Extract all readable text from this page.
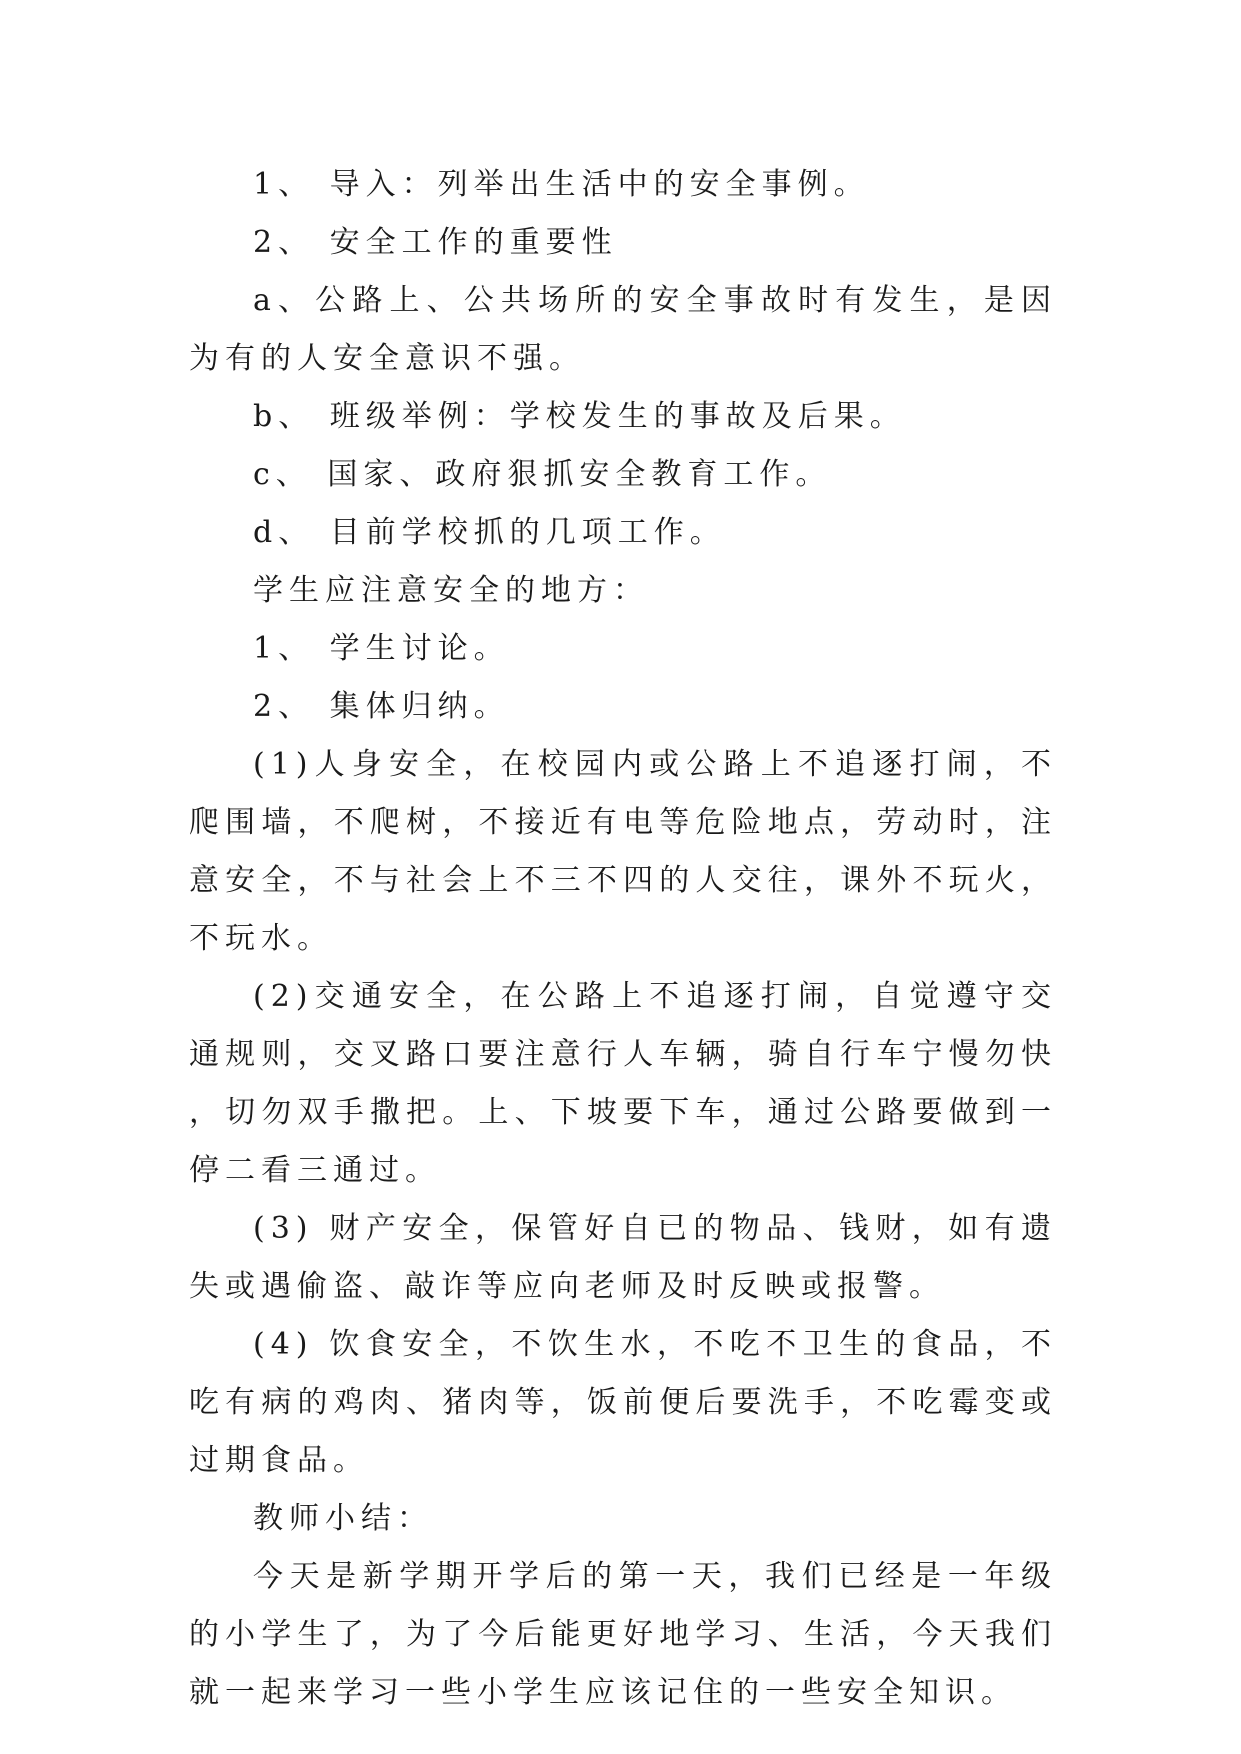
1、 导入：列举出生活中的安全事例。

2、 安全工作的重要性

a、公路上、公共场所的安全事故时有发生，是因为有的人安全意识不强。

b、 班级举例：学校发生的事故及后果。

c、 国家、政府狠抓安全教育工作。

d、 目前学校抓的几项工作。

学生应注意安全的地方：

1、 学生讨论。

2、 集体归纳。

(1)人身安全，在校园内或公路上不追逐打闹，不爬围墙，不爬树，不接近有电等危险地点，劳动时，注意安全，不与社会上不三不四的人交往，课外不玩火，不玩水。

(2)交通安全，在公路上不追逐打闹，自觉遵守交通规则，交叉路口要注意行人车辆，骑自行车宁慢勿快，切勿双手撒把。上、下坡要下车，通过公路要做到一停二看三通过。

(3) 财产安全，保管好自已的物品、钱财，如有遗失或遇偷盗、敲诈等应向老师及时反映或报警。

(4) 饮食安全，不饮生水，不吃不卫生的食品，不吃有病的鸡肉、猪肉等，饭前便后要洗手，不吃霉变或过期食品。

教师小结：

今天是新学期开学后的第一天，我们已经是一年级的小学生了，为了今后能更好地学习、生活，今天我们就一起来学习一些小学生应该记住的一些安全知识。
